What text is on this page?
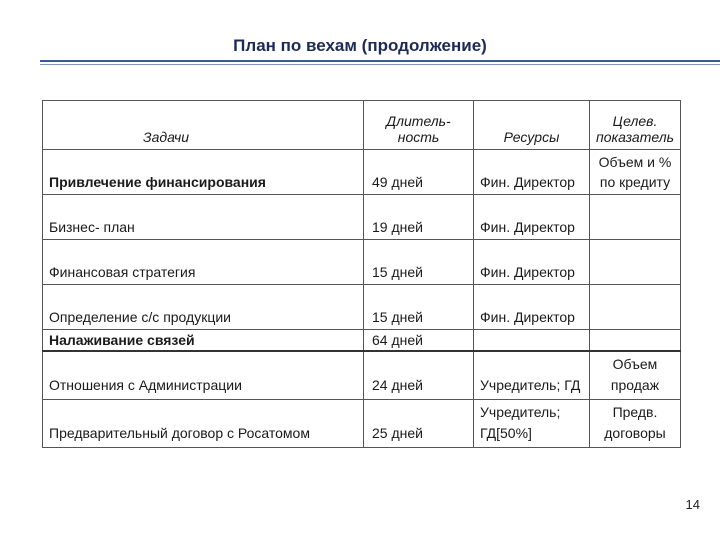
План по вехам (продолжение)
Задачи	Длитель-ность	Ресурсы	Целев. показатель
Привлечение финансирования	49 дней	Фин. Директор	Объем и % по кредиту
Бизнес- план	19 дней	Фин. Директор	
Финансовая стратегия	15 дней	Фин. Директор	
Определение с/с продукции	15 дней	Фин. Директор	
Налаживание связей	64 дней		
Отношения с Администрации	24 дней	Учредитель; ГД	Объем продаж
Предварительный договор с Росатомом	25 дней	Учредитель; ГД[50%]	Предв. договоры
14
